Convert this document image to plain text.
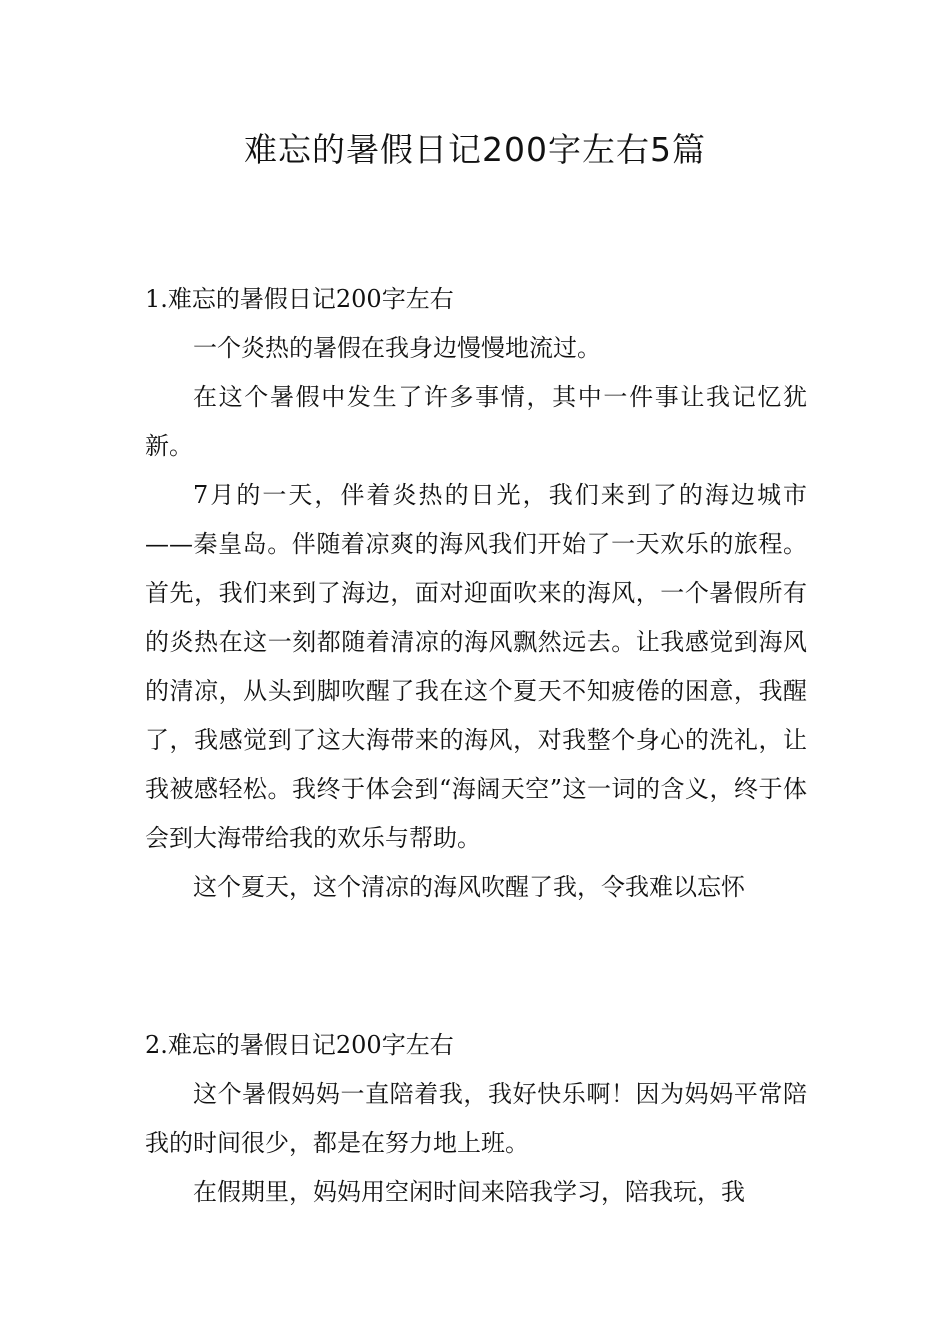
难忘的暑假日记200字左右5篇
1.难忘的暑假日记200字左右

一个炎热的暑假在我身边慢慢地流过。

在这个暑假中发生了许多事情，其中一件事让我记忆犹新。

7月的一天，伴着炎热的日光，我们来到了的海边城市——秦皇岛。伴随着凉爽的海风我们开始了一天欢乐的旅程。首先，我们来到了海边，面对迎面吹来的海风，一个暑假所有的炎热在这一刻都随着清凉的海风飘然远去。让我感觉到海风的清凉，从头到脚吹醒了我在这个夏天不知疲倦的困意，我醒了，我感觉到了这大海带来的海风，对我整个身心的洗礼，让我被感轻松。我终于体会到“海阔天空”这一词的含义，终于体会到大海带给我的欢乐与帮助。

这个夏天，这个清凉的海风吹醒了我，令我难以忘怀

2.难忘的暑假日记200字左右

这个暑假妈妈一直陪着我，我好快乐啊！因为妈妈平常陪我的时间很少，都是在努力地上班。

在假期里，妈妈用空闲时间来陪我学习，陪我玩，我
